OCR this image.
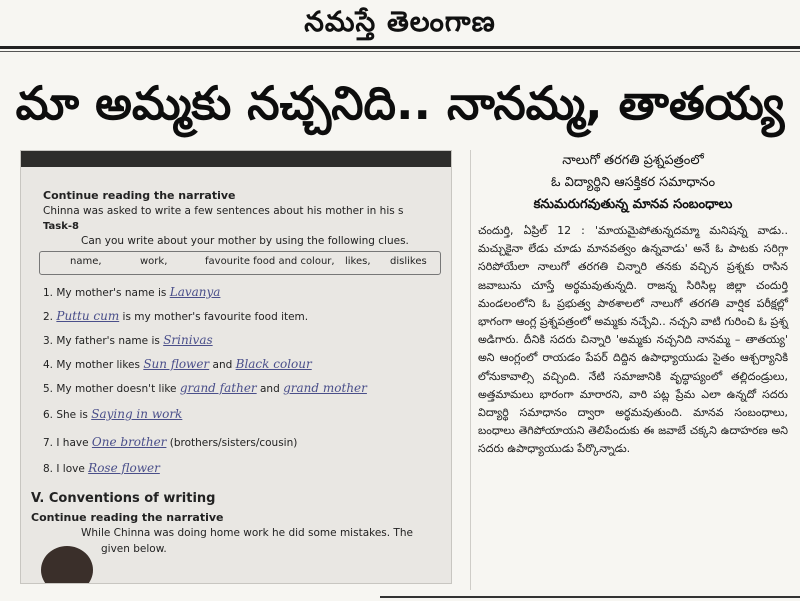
నమస్తే తెలంగాణ
మా అమ్మకు నచ్చనిది.. నానమ్మ, తాతయ్య
Continue reading the narrative
Chinna was asked to write a few sentences about his mother in his s
Task-8
Can you write about your mother by using the following clues.
name,	work,	favourite food and colour, likes, dislikes
1. My mother's name is Lavanya
2. Puttu cum is my mother's favourite food item.
3. My father's name is Srinivas
4. My mother likes Sun flower and Black colour
5. My mother doesn't like grand father and grand mother
6. She is Saying in work
7. I have One brother (brothers/sisters/cousin)
8. I love Rose flower
V. Conventions of writing
Continue reading the narrative
While Chinna was doing home work he did some mistakes. The
given below.
నాలుగో తరగతి ప్రశ్నపత్రంలో
ఓ విద్యార్థిని ఆసక్తికర సమాధానం
కనుమరుగవుతున్న మానవ సంబంధాలు
చందుర్తి, ఏప్రిల్ 12 : 'మాయమైపోతున్నదమ్మా మనిషన్న వాడు.. మచ్చుకైనా లేడు చూడు మానవత్వం ఉన్నవాడు' అనే ఓ పాటకు సరిగ్గా సరిపోయేలా నాలుగో తరగతి చిన్నారి తనకు వచ్చిన ప్రశ్నకు రాసిన జవాబును చూస్తే అర్థమవుతున్నది. రాజన్న సిరిసిల్ల జిల్లా చందుర్తి మండలంలోని ఓ ప్రభుత్వ పాఠశాలలో నాలుగో తరగతి వార్షిక పరీక్షల్లో భాగంగా ఆంగ్ల ప్రశ్నపత్రంలో అమ్మకు నచ్చేవి.. నచ్చని వాటి గురించి ఓ ప్రశ్న అడిగారు. దీనికి సదరు చిన్నారి 'అమ్మకు నచ్చనిది నానమ్మ – తాతయ్య' అని ఆంగ్లంలో రాయడం పేపర్ దిద్దిన ఉపాధ్యాయుడు సైతం ఆశ్చర్యానికి లోనుకావాల్సి వచ్చింది. నేటి సమాజానికి వృద్ధాప్యంలో తల్లిదండ్రులు, అత్తమామలు భారంగా మారారని, వారి పట్ల ప్రేమ ఎలా ఉన్నదో సదరు విద్యార్థి సమాధానం ద్వారా అర్థమవుతుంది. మానవ సంబంధాలు, బంధాలు తెగిపోయాయని తెలిపేందుకు ఈ జవాబే చక్కని ఉదాహరణ అని సదరు ఉపాధ్యాయుడు పేర్కొన్నాడు.
